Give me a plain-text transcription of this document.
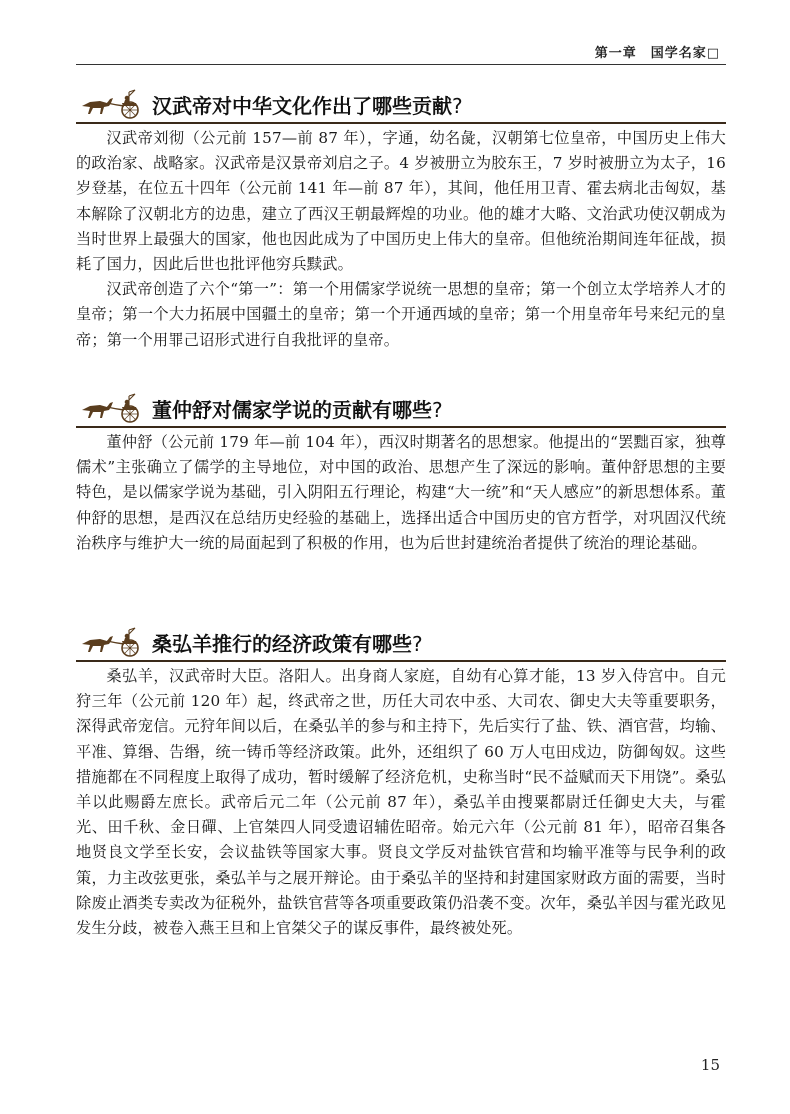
第一章 国学名家□
汉武帝对中华文化作出了哪些贡献?

汉武帝刘彻（公元前 157—前 87 年），字通，幼名彘，汉朝第七位皇帝，中国历史上伟大的政治家、战略家。汉武帝是汉景帝刘启之子。4 岁被册立为胶东王，7 岁时被册立为太子，16 岁登基，在位五十四年（公元前 141 年—前 87 年），其间，他任用卫青、霍去病北击匈奴，基本解除了汉朝北方的边患，建立了西汉王朝最辉煌的功业。他的雄才大略、文治武功使汉朝成为当时世界上最强大的国家，他也因此成为了中国历史上伟大的皇帝。但他统治期间连年征战，损耗了国力，因此后世也批评他穷兵黩武。

汉武帝创造了六个“第一”：第一个用儒家学说统一思想的皇帝；第一个创立太学培养人才的皇帝；第一个大力拓展中国疆土的皇帝；第一个开通西域的皇帝；第一个用皇帝年号来纪元的皇帝；第一个用罪己诏形式进行自我批评的皇帝。

董仲舒对儒家学说的贡献有哪些?

董仲舒（公元前 179 年—前 104 年），西汉时期著名的思想家。他提出的“罢黜百家，独尊儒术”主张确立了儒学的主导地位，对中国的政治、思想产生了深远的影响。董仲舒思想的主要特色，是以儒家学说为基础，引入阴阳五行理论，构建“大一统”和“天人感应”的新思想体系。董仲舒的思想，是西汉在总结历史经验的基础上，选择出适合中国历史的官方哲学，对巩固汉代统治秩序与维护大一统的局面起到了积极的作用，也为后世封建统治者提供了统治的理论基础。

桑弘羊推行的经济政策有哪些?

桑弘羊，汉武帝时大臣。洛阳人。出身商人家庭，自幼有心算才能，13 岁入侍宫中。自元狩三年（公元前 120 年）起，终武帝之世，历任大司农中丞、大司农、御史大夫等重要职务，深得武帝宠信。元狩年间以后，在桑弘羊的参与和主持下，先后实行了盐、铁、酒官营，均输、平准、算缗、告缗，统一铸币等经济政策。此外，还组织了 60 万人屯田戍边，防御匈奴。这些措施都在不同程度上取得了成功，暂时缓解了经济危机，史称当时“民不益赋而天下用饶”。桑弘羊以此赐爵左庶长。武帝后元二年（公元前 87 年），桑弘羊由搜粟都尉迁任御史大夫，与霍光、田千秋、金日磾、上官桀四人同受遗诏辅佐昭帝。始元六年（公元前 81 年），昭帝召集各地贤良文学至长安，会议盐铁等国家大事。贤良文学反对盐铁官营和均输平准等与民争利的政策，力主改弦更张，桑弘羊与之展开辩论。由于桑弘羊的坚持和封建国家财政方面的需要，当时除废止酒类专卖改为征税外，盐铁官营等各项重要政策仍沿袭不变。次年，桑弘羊因与霍光政见发生分歧，被卷入燕王旦和上官桀父子的谋反事件，最终被处死。

15
